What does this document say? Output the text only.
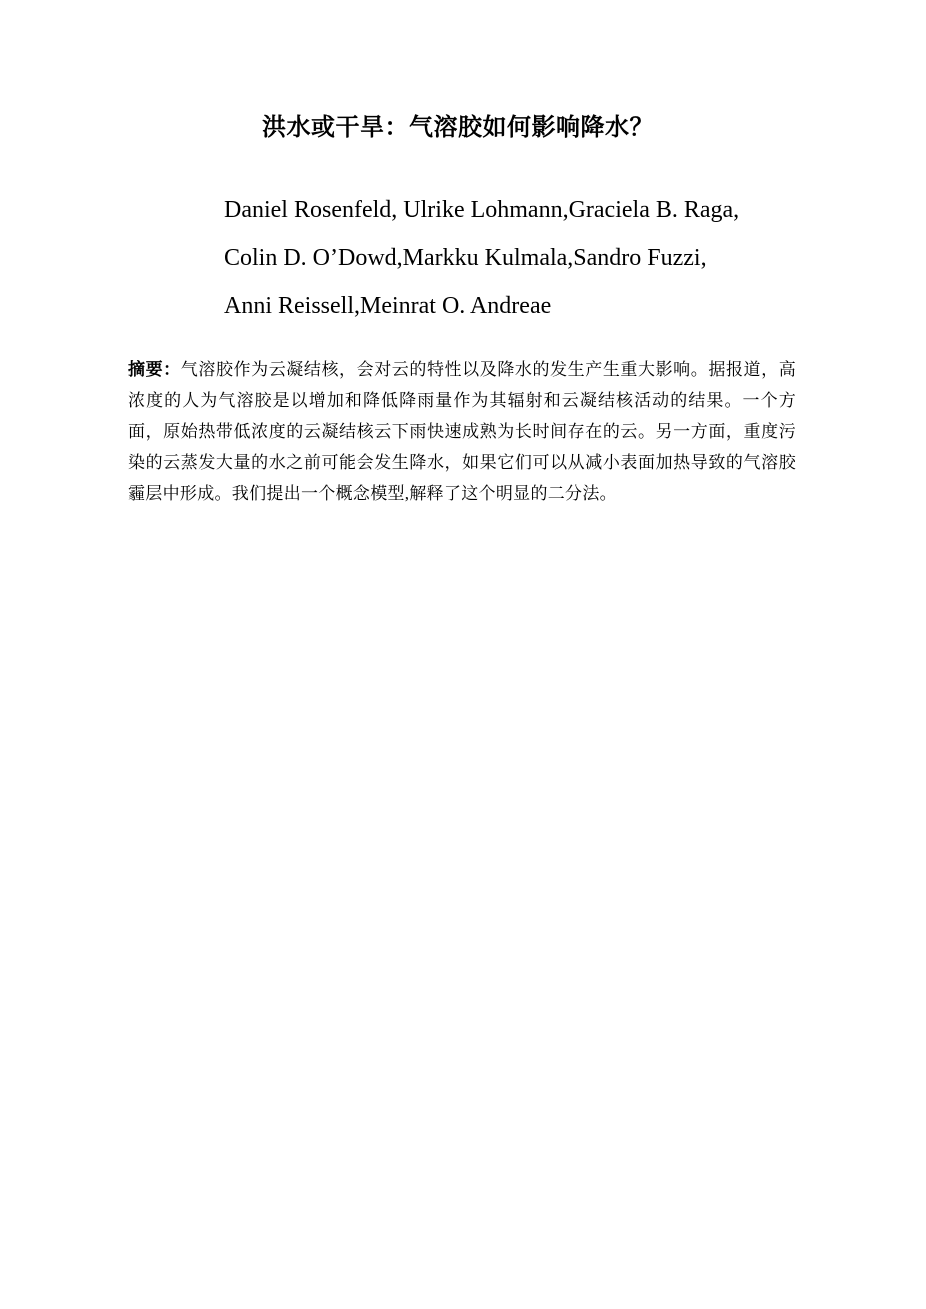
洪水或干旱：气溶胶如何影响降水？

Daniel Rosenfeld, Ulrike Lohmann,Graciela B. Raga,

Colin D. O’Dowd,Markku Kulmala,Sandro Fuzzi,

Anni Reissell,Meinrat O. Andreae

摘要：气溶胶作为云凝结核，会对云的特性以及降水的发生产生重大影响。据报道，高浓度的人为气溶胶是以增加和降低降雨量作为其辐射和云凝结核活动的结果。一个方面，原始热带低浓度的云凝结核云下雨快速成熟为长时间存在的云。另一方面，重度污染的云蒸发大量的水之前可能会发生降水，如果它们可以从减小表面加热导致的气溶胶霾层中形成。我们提出一个概念模型,解释了这个明显的二分法。
